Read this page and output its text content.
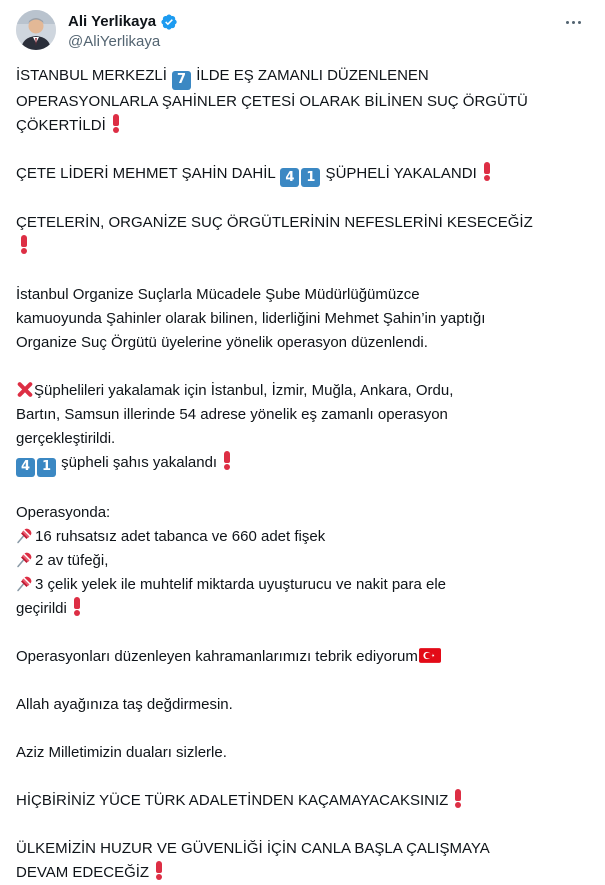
Ali Yerlikaya
@AliYerlikaya
İSTANBUL MERKEZLİ 7 İLDE EŞ ZAMANLI DÜZENLENEN
OPERASYONLARLA ŞAHİNLER ÇETESİ OLARAK BİLİNEN SUÇ ÖRGÜTÜ
ÇÖKERTİLDİ
ÇETE LİDERİ MEHMET ŞAHİN DAHİL 4 1 ŞÜPHELİ YAKALANDI
ÇETELERİN, ORGANİZE SUÇ ÖRGÜTLERİNİN NEFESLERİNİ KESECEĞİZ
İstanbul Organize Suçlarla Mücadele Şube Müdürlüğümüzce
kamuoyunda Şahinler olarak bilinen, liderliğini Mehmet Şahin’in yaptığı
Organize Suç Örgütü üyelerine yönelik operasyon düzenlendi.
Şüphelileri yakalamak için İstanbul, İzmir, Muğla, Ankara, Ordu,
Bartın, Samsun illerinde 54 adrese yönelik eş zamanlı operasyon
gerçekleştirildi.
4 1 şüpheli şahıs yakalandı
Operasyonda:
16 ruhsatsız adet tabanca ve 660 adet fişek
2 av tüfeği,
3 çelik yelek ile muhtelif miktarda uyuşturucu ve nakit para ele
geçirildi
Operasyonları düzenleyen kahramanlarımızı tebrik ediyorum
Allah ayağınıza taş değdirmesin.
Aziz Milletimizin duaları sizlerle.
HİÇBİRİNİZ YÜCE TÜRK ADALETİNDEN KAÇAMAYACAKSINIZ
ÜLKEMİZİN HUZUR VE GÜVENLİĞİ İÇİN CANLA BAŞLA ÇALIŞMAYA
DEVAM EDECEĞİZ
